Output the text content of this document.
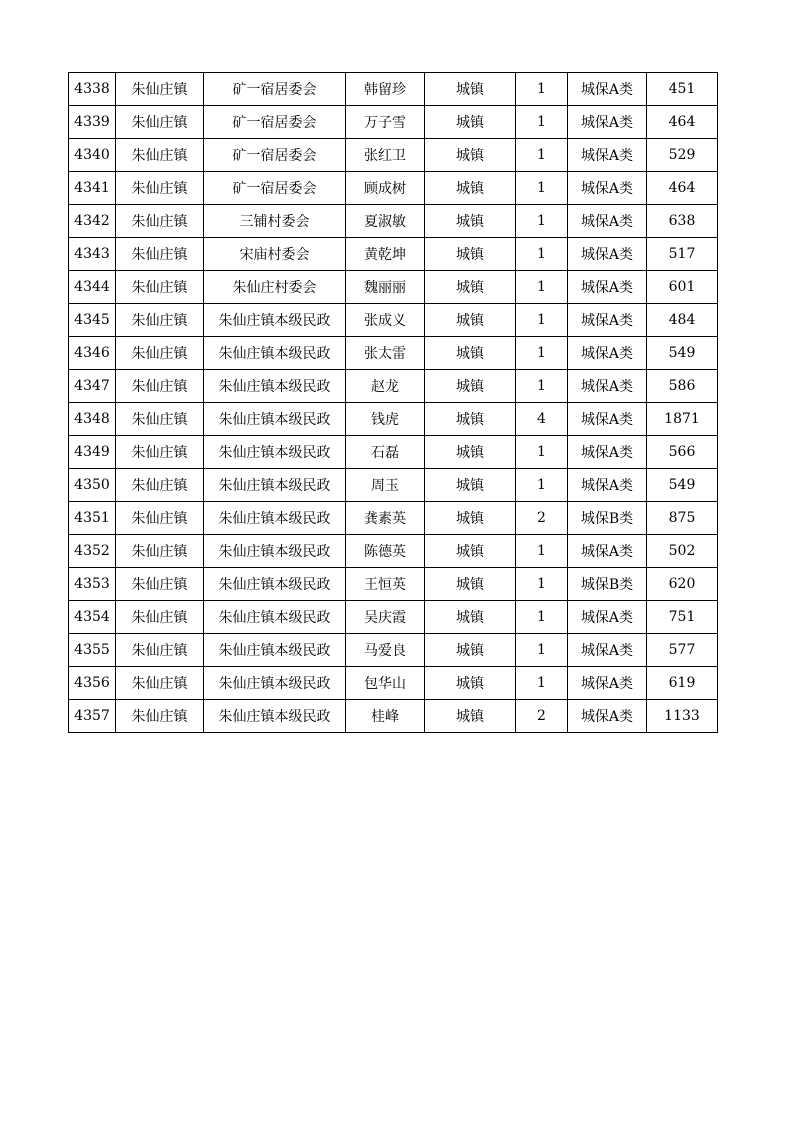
4338	朱仙庄镇	矿一宿居委会	韩留珍	城镇	1	城保A类	451
4339	朱仙庄镇	矿一宿居委会	万子雪	城镇	1	城保A类	464
4340	朱仙庄镇	矿一宿居委会	张红卫	城镇	1	城保A类	529
4341	朱仙庄镇	矿一宿居委会	顾成树	城镇	1	城保A类	464
4342	朱仙庄镇	三铺村委会	夏淑敏	城镇	1	城保A类	638
4343	朱仙庄镇	宋庙村委会	黄乾坤	城镇	1	城保A类	517
4344	朱仙庄镇	朱仙庄村委会	魏丽丽	城镇	1	城保A类	601
4345	朱仙庄镇	朱仙庄镇本级民政	张成义	城镇	1	城保A类	484
4346	朱仙庄镇	朱仙庄镇本级民政	张太雷	城镇	1	城保A类	549
4347	朱仙庄镇	朱仙庄镇本级民政	赵龙	城镇	1	城保A类	586
4348	朱仙庄镇	朱仙庄镇本级民政	钱虎	城镇	4	城保A类	1871
4349	朱仙庄镇	朱仙庄镇本级民政	石磊	城镇	1	城保A类	566
4350	朱仙庄镇	朱仙庄镇本级民政	周玉	城镇	1	城保A类	549
4351	朱仙庄镇	朱仙庄镇本级民政	龚素英	城镇	2	城保B类	875
4352	朱仙庄镇	朱仙庄镇本级民政	陈德英	城镇	1	城保A类	502
4353	朱仙庄镇	朱仙庄镇本级民政	王恒英	城镇	1	城保B类	620
4354	朱仙庄镇	朱仙庄镇本级民政	吴庆霞	城镇	1	城保A类	751
4355	朱仙庄镇	朱仙庄镇本级民政	马爱良	城镇	1	城保A类	577
4356	朱仙庄镇	朱仙庄镇本级民政	包华山	城镇	1	城保A类	619
4357	朱仙庄镇	朱仙庄镇本级民政	桂峰	城镇	2	城保A类	1133
